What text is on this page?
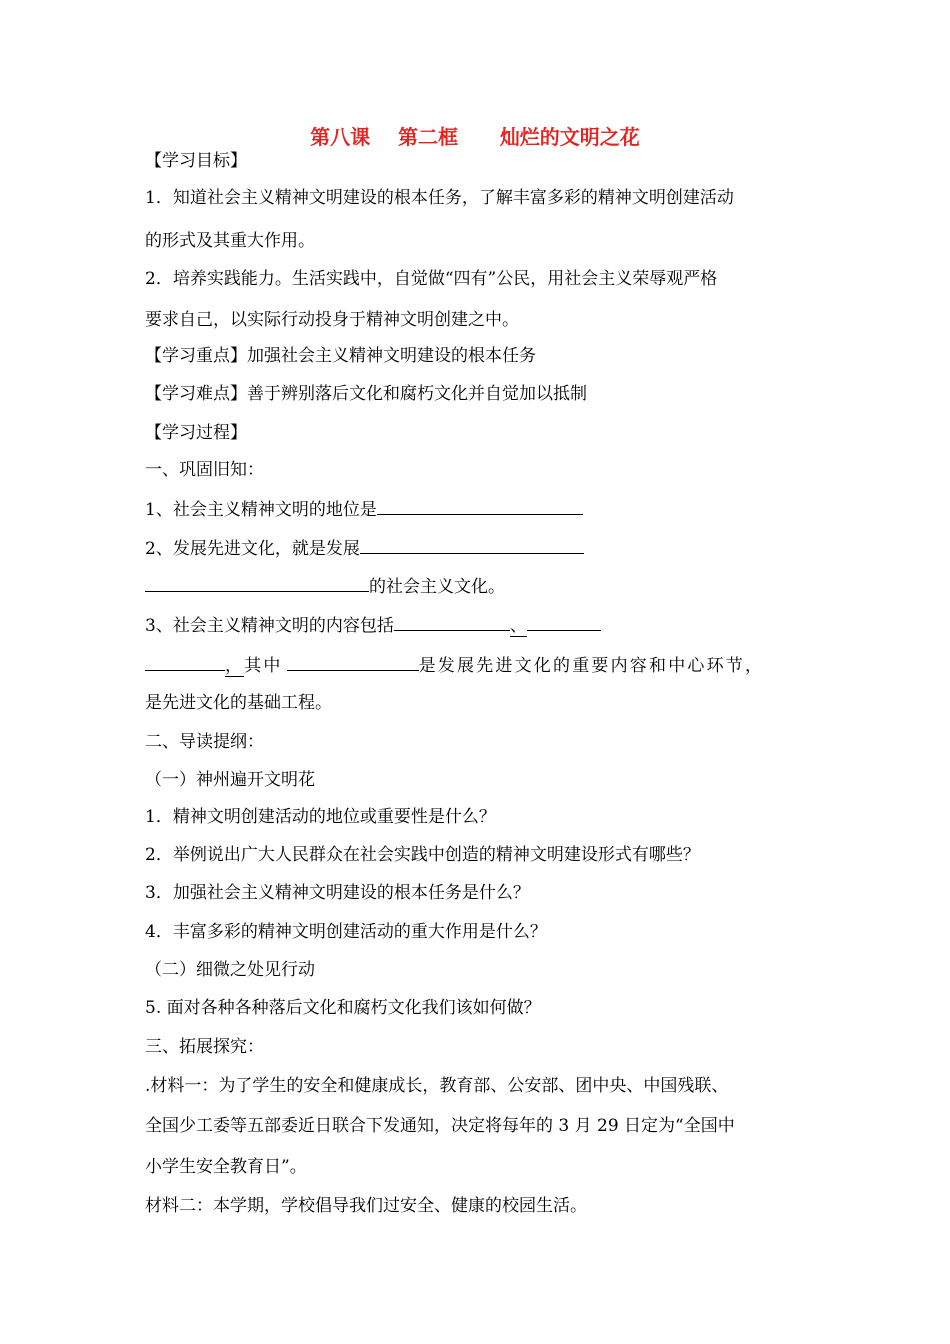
第八课 第二框 灿烂的文明之花
【学习目标】
1．知道社会主义精神文明建设的根本任务，了解丰富多彩的精神文明创建活动
的形式及其重大作用。
2．培养实践能力。生活实践中，自觉做“四有”公民，用社会主义荣辱观严格
要求自己，以实际行动投身于精神文明创建之中。
【学习重点】加强社会主义精神文明建设的根本任务
【学习难点】善于辨别落后文化和腐朽文化并自觉加以抵制
【学习过程】
一、巩固旧知：
1、社会主义精神文明的地位是
2、发展先进文化，就是发展
的社会主义文化。
3、社会主义精神文明的内容包括	、
，其中	是发展先进文化的重要内容和中心环节，
是先进文化的基础工程。
二、导读提纲：
（一）神州遍开文明花
1．精神文明创建活动的地位或重要性是什么？
2．举例说出广大人民群众在社会实践中创造的精神文明建设形式有哪些？
3．加强社会主义精神文明建设的根本任务是什么？
4．丰富多彩的精神文明创建活动的重大作用是什么？
（二）细微之处见行动
5. 面对各种各种落后文化和腐朽文化我们该如何做？
三、拓展探究：
.材料一：为了学生的安全和健康成长，教育部、公安部、团中央、中国残联、
全国少工委等五部委近日联合下发通知，决定将每年的 3 月 29 日定为“全国中
小学生安全教育日”。
材料二：本学期，学校倡导我们过安全、健康的校园生活。
